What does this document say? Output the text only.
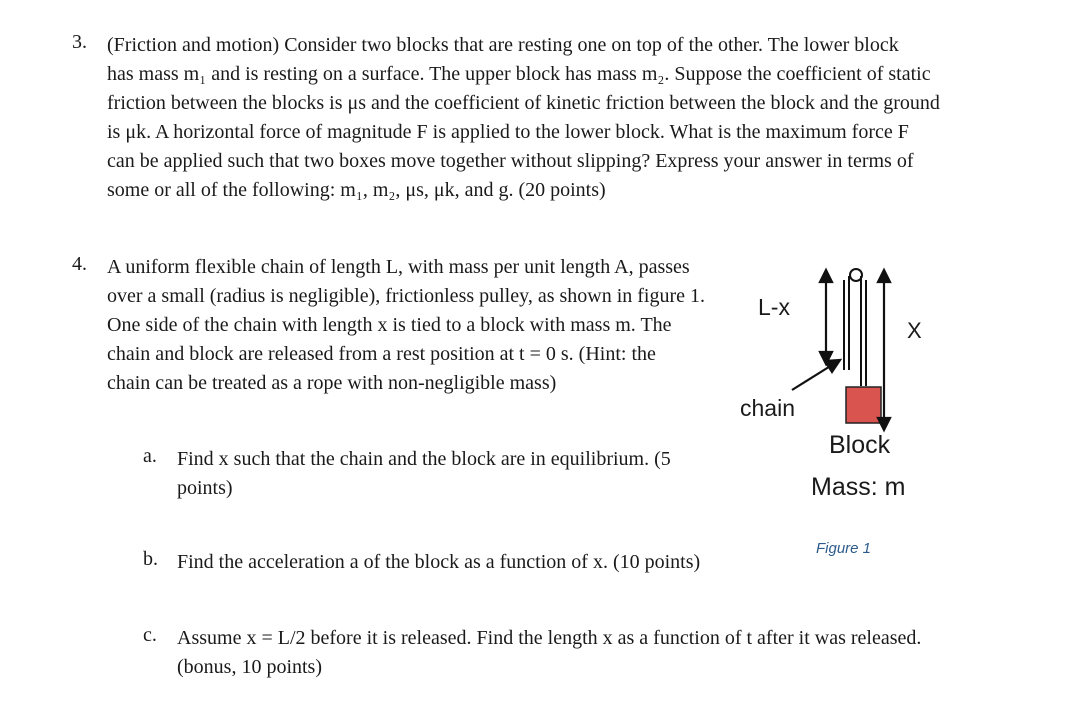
3. (Friction and motion) Consider two blocks that are resting one on top of the other. The lower block
has mass m₁ and is resting on a surface. The upper block has mass m₂. Suppose the coefficient of static
friction between the blocks is μs and the coefficient of kinetic friction between the block and the ground
is μk. A horizontal force of magnitude F is applied to the lower block. What is the maximum force F
can be applied such that two boxes move together without slipping? Express your answer in terms of
some or all of the following: m₁, m₂, μs, μk, and g. (20 points)
4. A uniform flexible chain of length L, with mass per unit length A, passes
over a small (radius is negligible), frictionless pulley, as shown in figure 1.
One side of the chain with length x is tied to a block with mass m. The
chain and block are released from a rest position at t = 0 s. (Hint: the
chain can be treated as a rope with non-negligible mass)
a. Find x such that the chain and the block are in equilibrium. (5
points)
b. Find the acceleration a of the block as a function of x. (10 points)
c. Assume x = L/2 before it is released. Find the length x as a function of t after it was released.
(bonus, 10 points)
L-x
X
chain
Block
Mass: m
Figure 1
